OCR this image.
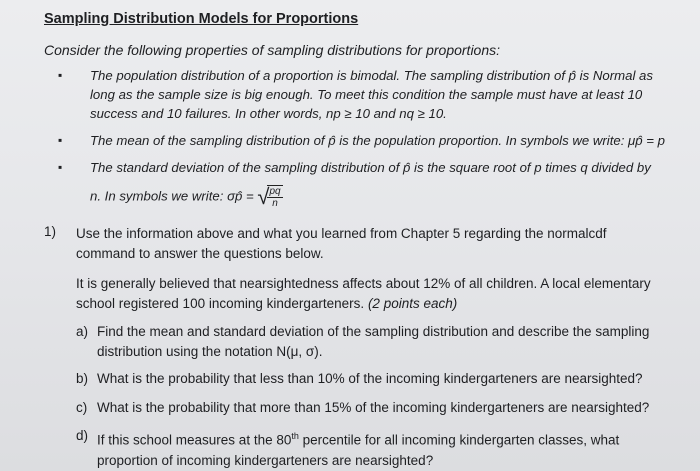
Sampling Distribution Models for Proportions
Consider the following properties of sampling distributions for proportions:
▪ The population distribution of a proportion is bimodal. The sampling distribution of p̂ is Normal as long as the sample size is big enough. To meet this condition the sample must have at least 10 success and 10 failures. In other words, np ≥ 10 and nq ≥ 10.
▪ The mean of the sampling distribution of p̂ is the population proportion. In symbols we write: μp̂ = p
▪ The standard deviation of the sampling distribution of p̂ is the square root of p times q divided by
n. In symbols we write: σp̂ = √
$\frac{pq}{n}$
1) Use the information above and what you learned from Chapter 5 regarding the normalcdf command to answer the questions below.
It is generally believed that nearsightedness affects about 12% of all children. A local elementary school registered 100 incoming kindergarteners. (2 points each)
a) Find the mean and standard deviation of the sampling distribution and describe the sampling distribution using the notation N(μ, σ).
b) What is the probability that less than 10% of the incoming kindergarteners are nearsighted?
c) What is the probability that more than 15% of the incoming kindergarteners are nearsighted?
d) If this school measures at the 80th percentile for all incoming kindergarten classes, what proportion of incoming kindergarteners are nearsighted?
